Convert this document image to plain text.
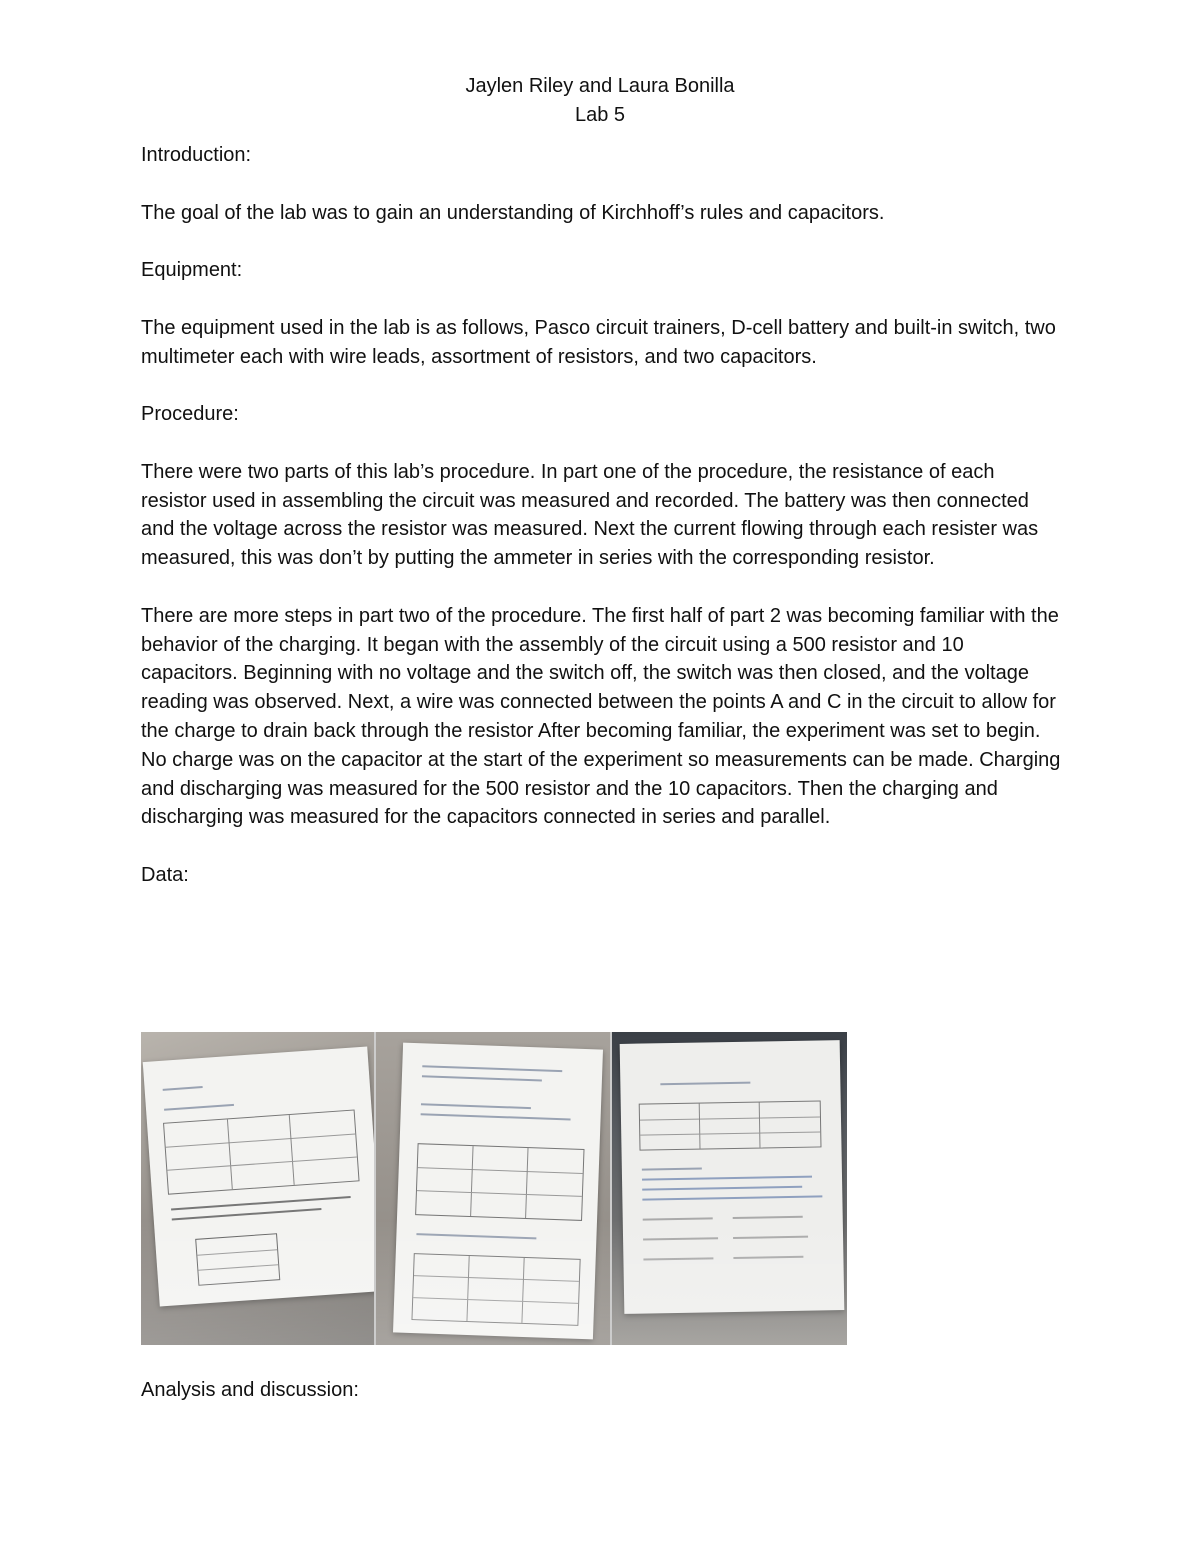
Jaylen Riley and Laura Bonilla
Lab 5

Introduction:

The goal of the lab was to gain an understanding of Kirchhoff’s rules and capacitors.

Equipment:

The equipment used in the lab is as follows, Pasco circuit trainers, D-cell battery and built-in switch, two multimeter each with wire leads, assortment of resistors, and two capacitors.

Procedure:

There were two parts of this lab’s procedure. In part one of the procedure, the resistance of each resistor used in assembling the circuit was measured and recorded. The battery was then connected and the voltage across the resistor was measured. Next the current flowing through each resister was measured, this was don’t by putting the ammeter in series with the corresponding resistor.

There are more steps in part two of the procedure. The first half of part 2 was becoming familiar with the behavior of the charging. It began with the assembly of the circuit using a 500 resistor and 10 capacitors. Beginning with no voltage and the switch off, the switch was then closed, and the voltage reading was observed. Next, a wire was connected between the points A and C in the circuit to allow for the charge to drain back through the resistor After becoming familiar, the experiment was set to begin. No charge was on the capacitor at the start of the experiment so measurements can be made. Charging and discharging was measured for the 500 resistor and the 10 capacitors. Then the charging and discharging was measured for the capacitors connected in series and parallel.

Data:

Analysis and discussion:
